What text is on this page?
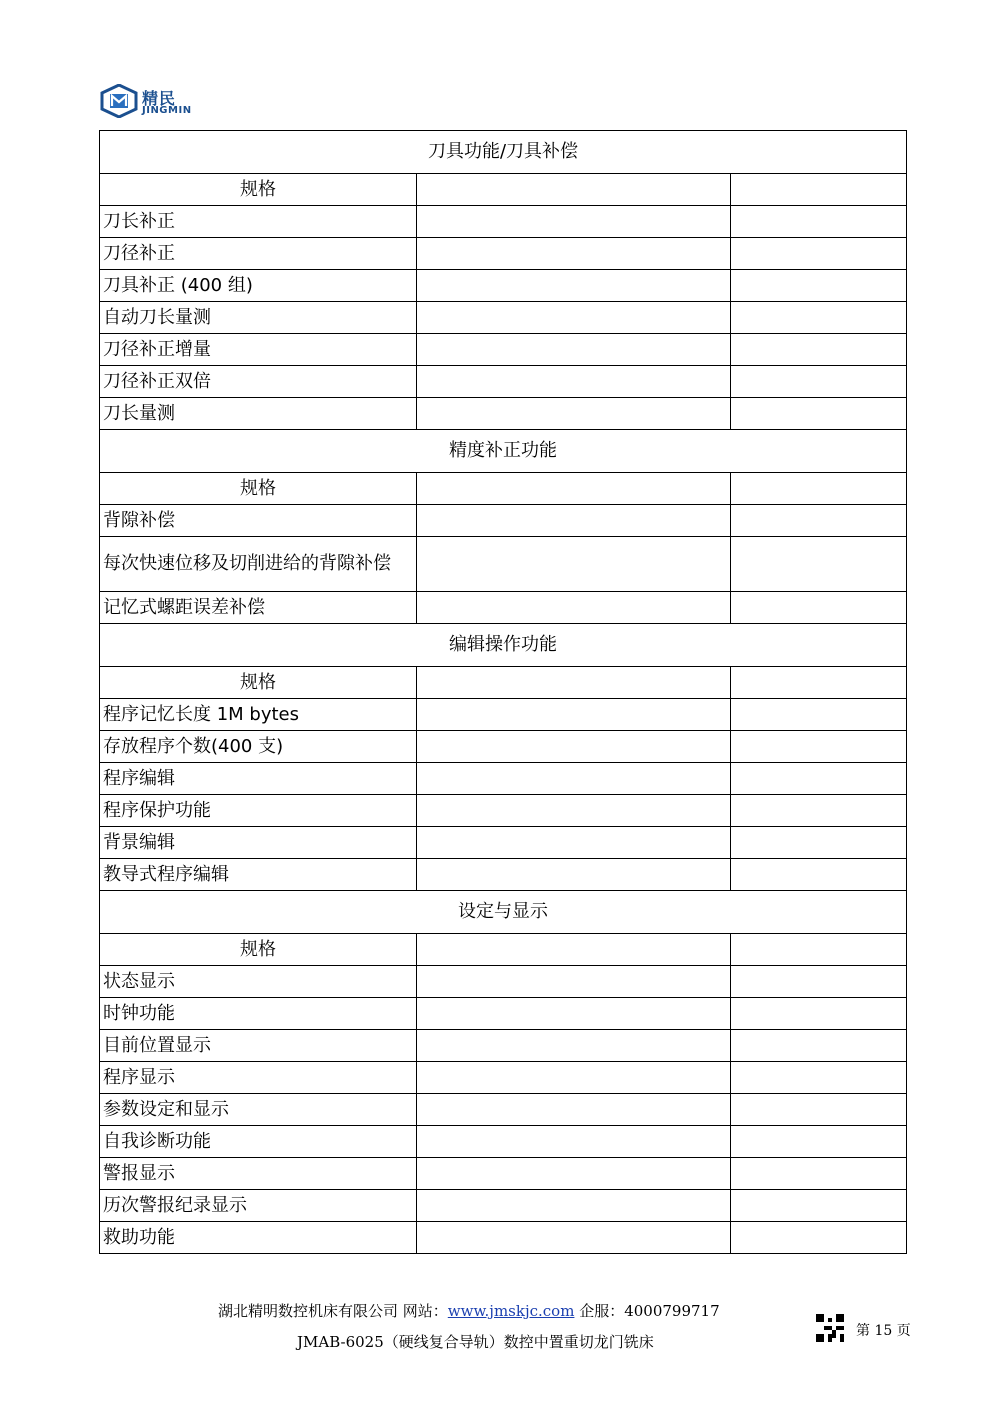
精民
JINGMIN
刀具功能/刀具补偿		
规格		
刀长补正		
刀径补正		
刀具补正 (400 组)		
自动刀长量测		
刀径补正增量		
刀径补正双倍		
刀长量测		
精度补正功能		
规格		
背隙补偿		
每次快速位移及切削进给的背隙补偿		
记忆式螺距误差补偿		
编辑操作功能		
规格		
程序记忆长度 1M bytes		
存放程序个数(400 支)		
程序编辑		
程序保护功能		
背景编辑		
教导式程序编辑		
设定与显示		
规格		
状态显示		
时钟功能		
目前位置显示		
程序显示		
参数设定和显示		
自我诊断功能		
警报显示		
历次警报纪录显示		
救助功能		
湖北精明数控机床有限公司 网站：www.jmskjc.com 企服：4000799717
JMAB-6025（硬线复合导轨）数控中置重切龙门铣床
第 15 页
